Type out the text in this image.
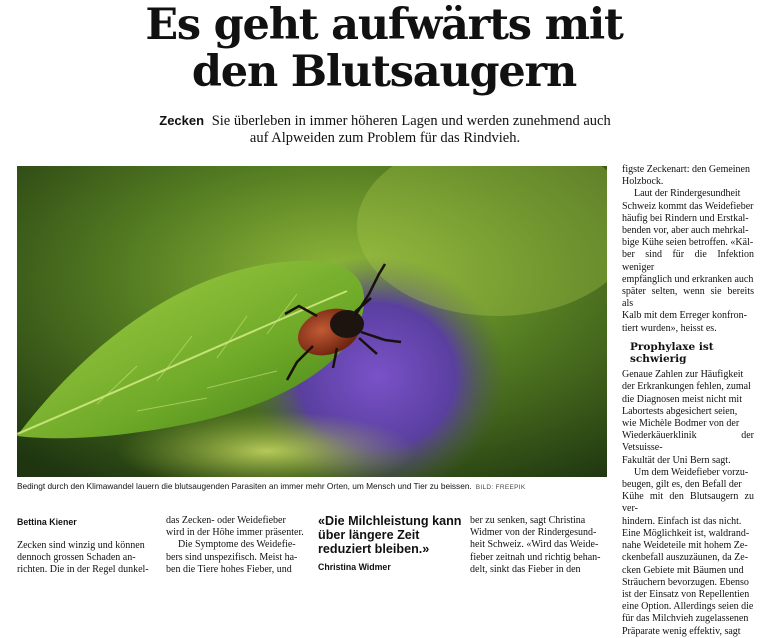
Es geht aufwärts mit
den Blutsaugern

Zecken Sie überleben in immer höheren Lagen und werden zunehmend auch auf Alpweiden zum Problem für das Rindvieh.

Bedingt durch den Klimawandel lauern die blutsaugenden Parasiten an immer mehr Orten, um Mensch und Tier zu beissen. BILD: FREEPIK

figste Zeckenart: den Gemeinen
Holzbock.

Laut der Rindergesundheit
Schweiz kommt das Weidefieber
häufig bei Rindern und Erstkal-
benden vor, aber auch mehrkal-
bige Kühe seien betroffen. «Käl-
ber sind für die Infektion weniger
empfänglich und erkranken auch
später selten, wenn sie bereits als
Kalb mit dem Erreger konfron-
tiert wurden», heisst es.

Prophylaxe ist schwierig

Genaue Zahlen zur Häufigkeit
der Erkrankungen fehlen, zumal
die Diagnosen meist nicht mit
Labortests abgesichert seien,
wie Michèle Bodmer von der
Wiederkäuerklinik der Vetsuisse-
Fakultät der Uni Bern sagt.

Um dem Weidefieber vorzu-
beugen, gilt es, den Befall der
Kühe mit den Blutsaugern zu ver-
hindern. Einfach ist das nicht.
Eine Möglichkeit ist, waldrand-
nahe Weideteile mit hohem Ze-
ckenbefall auszuzäunen, da Ze-
cken Gebiete mit Bäumen und
Sträuchern bevorzugen. Ebenso
ist der Einsatz von Repellentien
eine Option. Allerdings seien die
für das Milchvieh zugelassenen
Präparate wenig effektiv, sagt

Bettina Kiener
Zecken sind winzig und können
dennoch grossen Schaden an-
richten. Die in der Regel dunkel-
das Zecken- oder Weidefieber
wird in der Höhe immer präsenter.
Die Symptome des Weidefie-
bers sind unspezifisch. Meist ha-
ben die Tiere hohes Fieber, und

«Die Milchleistung kann über längere Zeit reduziert bleiben.»

Christina Widmer
ber zu senken, sagt Christina
Widmer von der Rindergesund-
heit Schweiz. «Wird das Weide-
fieber zeitnah und richtig behan-
delt, sinkt das Fieber in den
